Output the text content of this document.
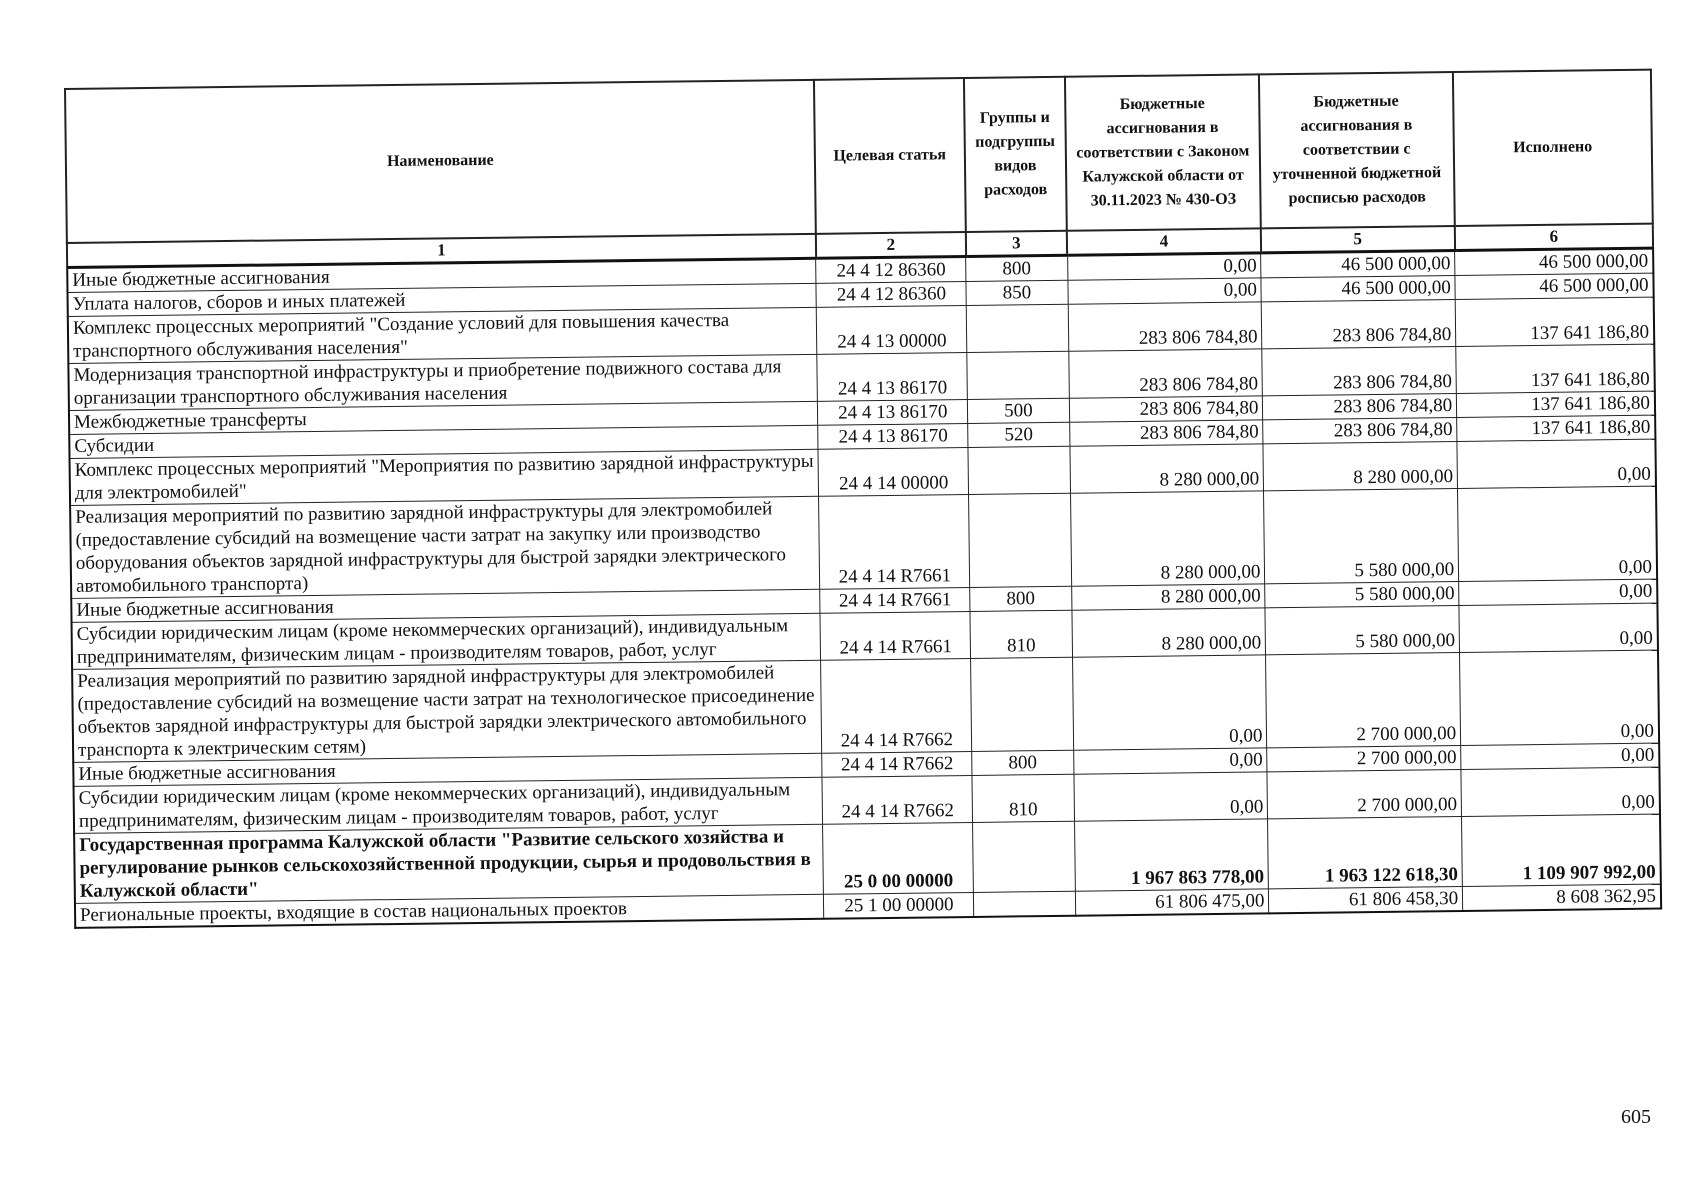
Наименование	Целевая статья	Группы и подгруппы видов расходов	Бюджетные ассигнования в соответствии с Законом Калужской области от 30.11.2023 № 430-ОЗ	Бюджетные ассигнования в соответствии с уточненной бюджетной росписью расходов	Исполнено
1	2	3	4	5	6
Иные бюджетные ассигнования	24 4 12 86360	800	0,00	46 500 000,00	46 500 000,00
Уплата налогов, сборов и иных платежей	24 4 12 86360	850	0,00	46 500 000,00	46 500 000,00
Комплекс процессных мероприятий "Создание условий для повышения качества транспортного обслуживания населения"	24 4 13 00000		283 806 784,80	283 806 784,80	137 641 186,80
Модернизация транспортной инфраструктуры и приобретение подвижного состава для организации транспортного обслуживания населения	24 4 13 86170		283 806 784,80	283 806 784,80	137 641 186,80
Межбюджетные трансферты	24 4 13 86170	500	283 806 784,80	283 806 784,80	137 641 186,80
Субсидии	24 4 13 86170	520	283 806 784,80	283 806 784,80	137 641 186,80
Комплекс процессных мероприятий "Мероприятия по развитию зарядной инфраструктуры для электромобилей"	24 4 14 00000		8 280 000,00	8 280 000,00	0,00
Реализация мероприятий по развитию зарядной инфраструктуры для электромобилей (предоставление субсидий на возмещение части затрат на закупку или производство оборудования объектов зарядной инфраструктуры для быстрой зарядки электрического автомобильного транспорта)	24 4 14 R7661		8 280 000,00	5 580 000,00	0,00
Иные бюджетные ассигнования	24 4 14 R7661	800	8 280 000,00	5 580 000,00	0,00
Субсидии юридическим лицам (кроме некоммерческих организаций), индивидуальным предпринимателям, физическим лицам - производителям товаров, работ, услуг	24 4 14 R7661	810	8 280 000,00	5 580 000,00	0,00
Реализация мероприятий по развитию зарядной инфраструктуры для электромобилей (предоставление субсидий на возмещение части затрат на технологическое присоединение объектов зарядной инфраструктуры для быстрой зарядки электрического автомобильного транспорта к электрическим сетям)	24 4 14 R7662		0,00	2 700 000,00	0,00
Иные бюджетные ассигнования	24 4 14 R7662	800	0,00	2 700 000,00	0,00
Субсидии юридическим лицам (кроме некоммерческих организаций), индивидуальным предпринимателям, физическим лицам - производителям товаров, работ, услуг	24 4 14 R7662	810	0,00	2 700 000,00	0,00
Государственная программа Калужской области "Развитие сельского хозяйства и регулирование рынков сельскохозяйственной продукции, сырья и продовольствия в Калужской области"	25 0 00 00000		1 967 863 778,00	1 963 122 618,30	1 109 907 992,00
Региональные проекты, входящие в состав национальных проектов	25 1 00 00000		61 806 475,00	61 806 458,30	8 608 362,95
605
